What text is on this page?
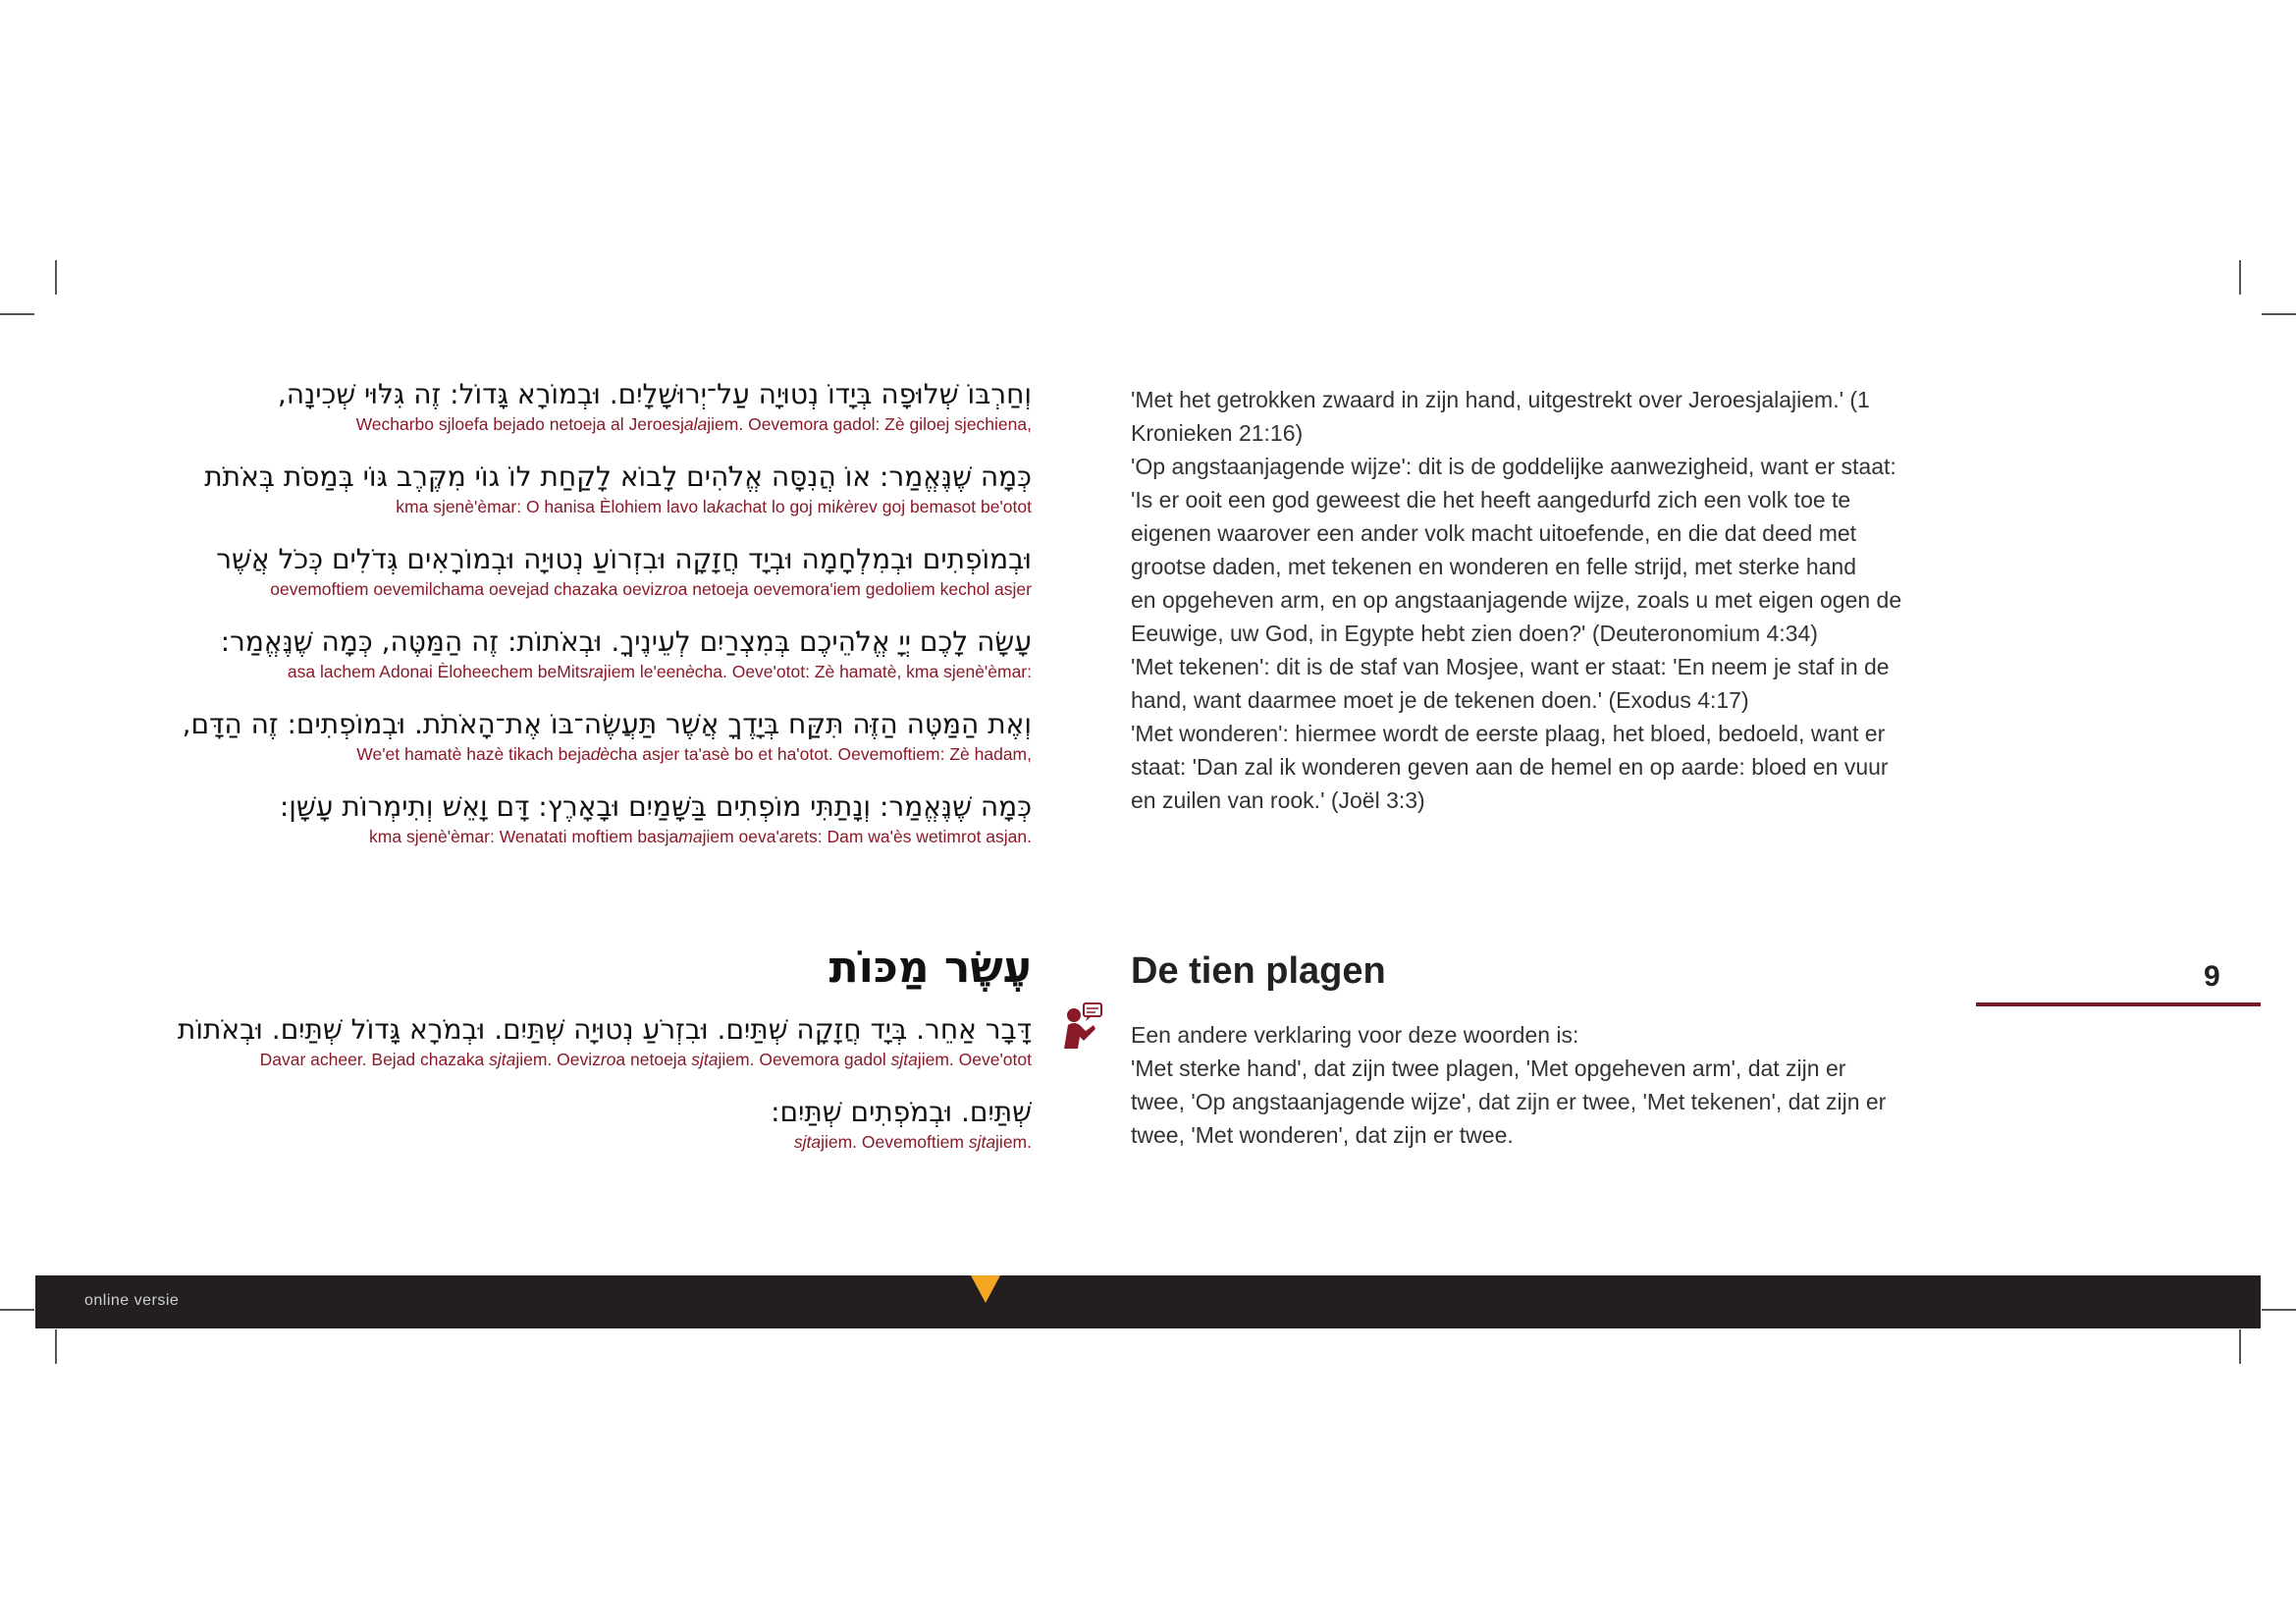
וְחַרְבּוֹ שְׁלוּפָה בְּיָדוֹ נְטוּיָה עַל־יְרוּשָׁלָיִם. וּבְמוֹרָא גָּדוֹל: זֶה גִּלּוּי שְׁכִינָה,
Wecharbo sjloefa bejado netoeja al Jeroesjalajiem. Oevemora gadol: Zè giloej sjechiena,
כְּמָה שֶׁנֶּאֱמַר: אוֹ הֲנִסָּה אֱלֹהִים לָבוֹא לָקַחַת לוֹ גוֹי מִקֶּרֶב גּוֹי בְּמַסֹּת בְּאֹתֹת
kma sjenè'èmar: O hanisa Èlohiem lavo lakachat lo goj mikèrev goj bemasot be'otot
וּבְמוֹפְתִים וּבְמִלְחָמָה וּבְיָד חֲזָקָה וּבִזְרוֹעַ נְטוּיָה וּבְמוֹרָאִים גְּדֹלִים כְּכֹל אֲשֶׁר
oevemoftiem oevemilchama oevejad chazaka oevizroa netoeja oevemora'iem gedoliem kechol asjer
עָשָׂה לָכֶם יְיָ אֱלֹהֵיכֶם בְּמִצְרַיִם לְעֵינֶיךָ. וּבְאֹתוֹת: זֶה הַמַּטֶּה, כְּמָה שֶׁנֶּאֱמַר:
asa lachem Adonai Èloheechem beMitsrajiem le'eenècha. Oeve'otot: Zè hamatè, kma sjenè'èmar:
וְאֶת הַמַּטֶּה הַזֶּה תִּקַּח בְּיָדֶךָ אֲשֶׁר תַּעֲשֶׂה־בּוֹ אֶת־הָאֹתֹת. וּבְמוֹפְתִים: זֶה הַדָּם,
We'et hamatè hazè tikach bejadècha asjer ta'asè bo et ha'otot. Oevemoftiem: Zè hadam,
כְּמָה שֶׁנֶּאֱמַר: וְנָתַתִּי מוֹפְתִים בַּשָּׁמַיִם וּבָאָרֶץ: דָּם וָאֵשׁ וְתִימְרוֹת עָשָׁן:
kma sjenè'èmar: Wenatati moftiem basjamajiem oeva'arets: Dam wa'ès wetimrot asjan.

'Met het getrokken zwaard in zijn hand, uitgestrekt over Jeroesjalajiem.' (1

Kronieken 21:16)

'Op angstaanjagende wijze': dit is de goddelijke aanwezigheid, want er staat:

'Is er ooit een god geweest die het heeft aangedurfd zich een volk toe te

eigenen waarover een ander volk macht uitoefende, en die dat deed met

grootse daden, met tekenen en wonderen en felle strijd, met sterke hand

en opgeheven arm, en op angstaanjagende wijze, zoals u met eigen ogen de

Eeuwige, uw God, in Egypte hebt zien doen?' (Deuteronomium 4:34)

'Met tekenen': dit is de staf van Mosjee, want er staat: 'En neem je staf in de

hand, want daarmee moet je de tekenen doen.' (Exodus 4:17)

'Met wonderen': hiermee wordt de eerste plaag, het bloed, bedoeld, want er

staat: 'Dan zal ik wonderen geven aan de hemel en op aarde: bloed en vuur

en zuilen van rook.' (Joël 3:3)

עֶשֶׂר מַכּוֹת	De tien plagen	9
דָּבָר אַחֵר. בְּיָד חֲזָקָה שְׁתַּיִם. וּבִזְרֹעַ נְטוּיָה שְׁתַּיִם. וּבְמֹרָא גָּדוֹל שְׁתַּיִם. וּבְאֹתוֹת
Davar acheer. Bejad chazaka sjtajiem. Oevizroa netoeja sjtajiem. Oevemora gadol sjtajiem. Oeve'otot
שְׁתַּיִם. וּבְמֹפְתִים שְׁתַּיִם:
sjtajiem. Oevemoftiem sjtajiem.

Een andere verklaring voor deze woorden is:

'Met sterke hand', dat zijn twee plagen, 'Met opgeheven arm', dat zijn er

twee, 'Op angstaanjagende wijze', dat zijn er twee, 'Met tekenen', dat zijn er

twee, 'Met wonderen', dat zijn er twee.

online versie
